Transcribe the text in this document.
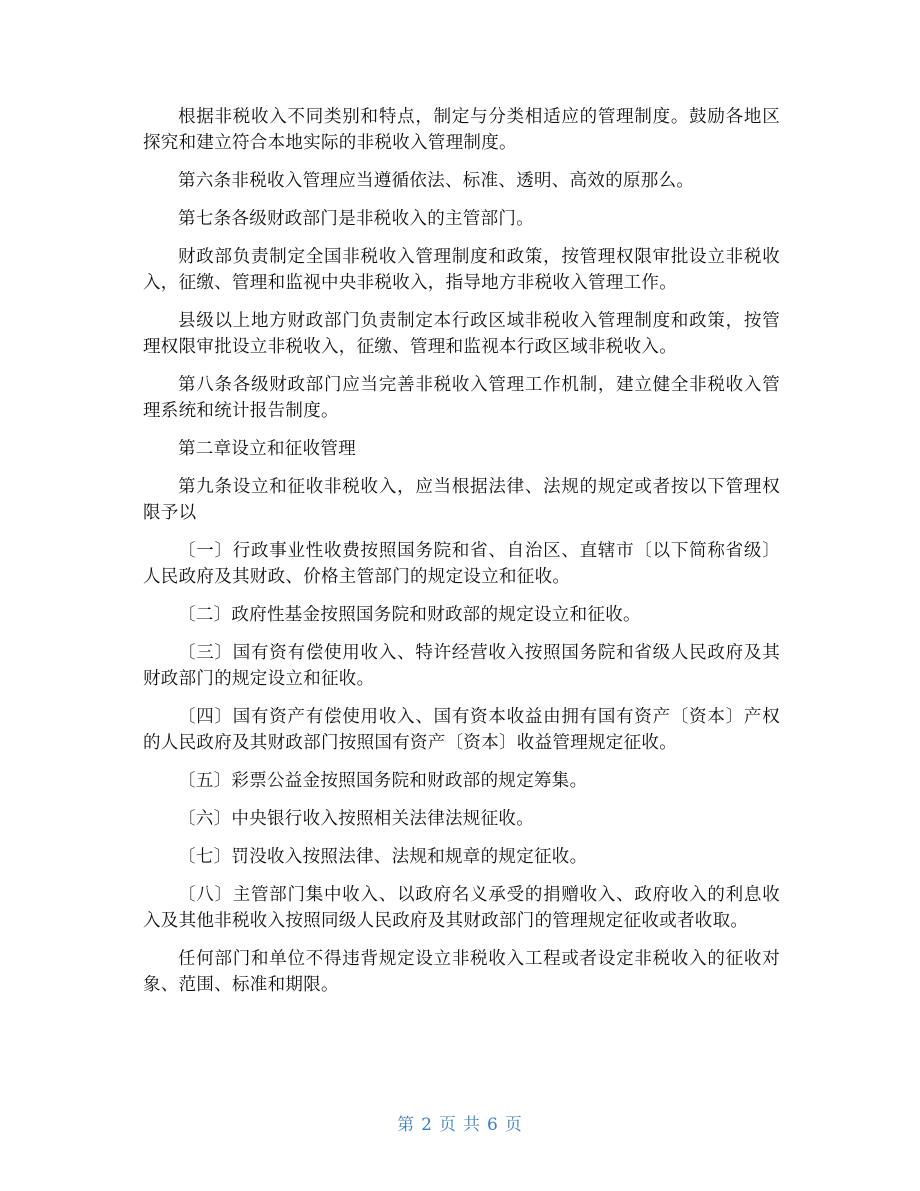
根据非税收入不同类别和特点，制定与分类相适应的管理制度。鼓励各地区探究和建立符合本地实际的非税收入管理制度。

第六条非税收入管理应当遵循依法、标准、透明、高效的原那么。

第七条各级财政部门是非税收入的主管部门。

财政部负责制定全国非税收入管理制度和政策，按管理权限审批设立非税收入，征缴、管理和监视中央非税收入，指导地方非税收入管理工作。

县级以上地方财政部门负责制定本行政区域非税收入管理制度和政策，按管理权限审批设立非税收入，征缴、管理和监视本行政区域非税收入。

第八条各级财政部门应当完善非税收入管理工作机制，建立健全非税收入管理系统和统计报告制度。

第二章设立和征收管理

第九条设立和征收非税收入，应当根据法律、法规的规定或者按以下管理权限予以

〔一〕行政事业性收费按照国务院和省、自治区、直辖市〔以下简称省级〕人民政府及其财政、价格主管部门的规定设立和征收。

〔二〕政府性基金按照国务院和财政部的规定设立和征收。

〔三〕国有资有偿使用收入、特许经营收入按照国务院和省级人民政府及其财政部门的规定设立和征收。

〔四〕国有资产有偿使用收入、国有资本收益由拥有国有资产〔资本〕产权的人民政府及其财政部门按照国有资产〔资本〕收益管理规定征收。

〔五〕彩票公益金按照国务院和财政部的规定筹集。

〔六〕中央银行收入按照相关法律法规征收。

〔七〕罚没收入按照法律、法规和规章的规定征收。

〔八〕主管部门集中收入、以政府名义承受的捐赠收入、政府收入的利息收入及其他非税收入按照同级人民政府及其财政部门的管理规定征收或者收取。

任何部门和单位不得违背规定设立非税收入工程或者设定非税收入的征收对象、范围、标准和期限。

第 2 页 共 6 页
